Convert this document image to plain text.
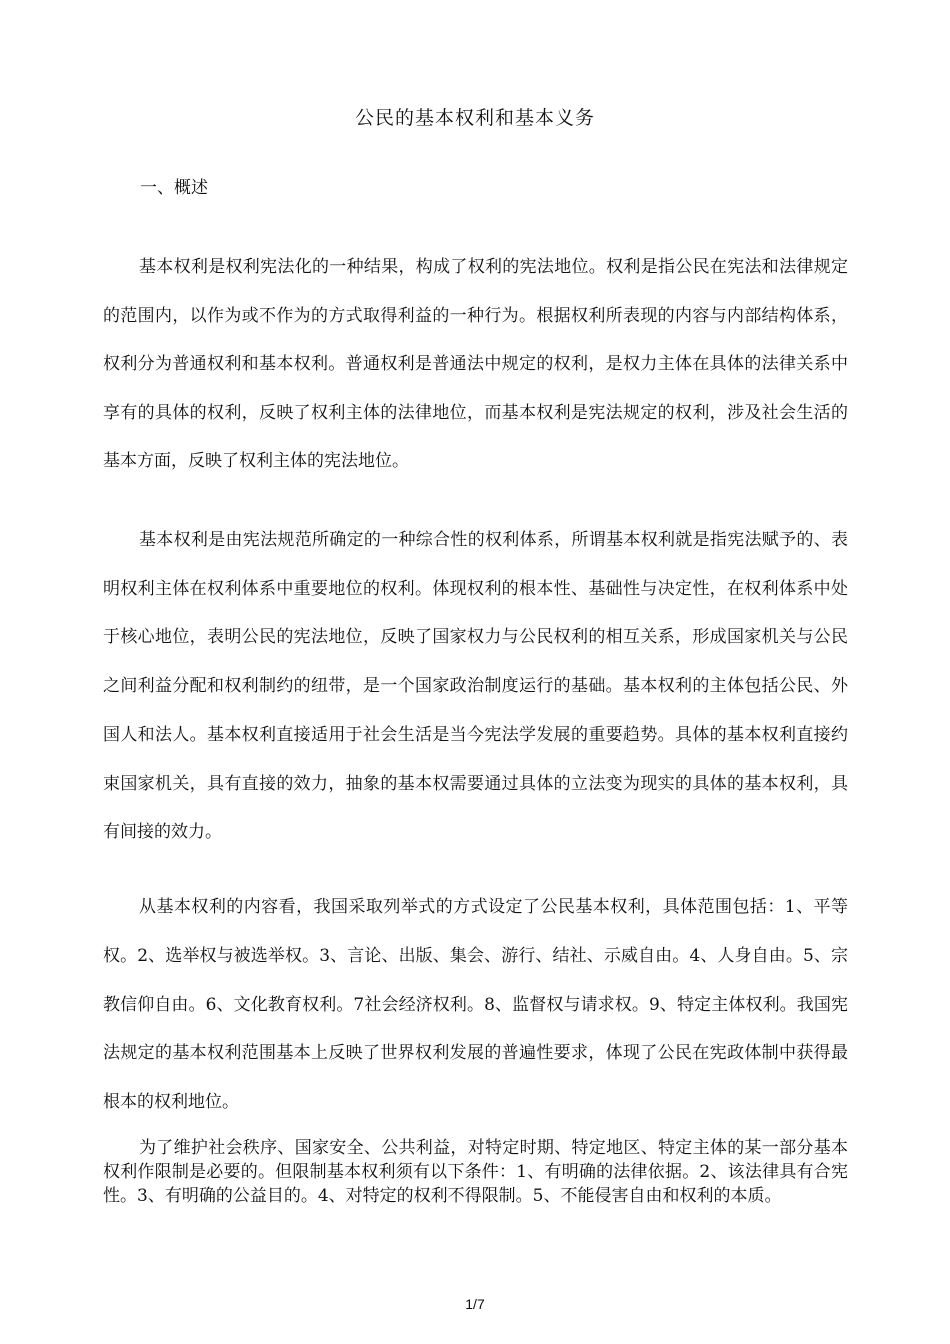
公民的基本权利和基本义务
一、概述

基本权利是权利宪法化的一种结果，构成了权利的宪法地位。权利是指公民在宪法和法律规定的范围内，以作为或不作为的方式取得利益的一种行为。根据权利所表现的内容与内部结构体系，权利分为普通权利和基本权利。普通权利是普通法中规定的权利，是权力主体在具体的法律关系中享有的具体的权利，反映了权利主体的法律地位，而基本权利是宪法规定的权利，涉及社会生活的基本方面，反映了权利主体的宪法地位。

基本权利是由宪法规范所确定的一种综合性的权利体系，所谓基本权利就是指宪法赋予的、表明权利主体在权利体系中重要地位的权利。体现权利的根本性、基础性与决定性，在权利体系中处于核心地位，表明公民的宪法地位，反映了国家权力与公民权利的相互关系，形成国家机关与公民之间利益分配和权利制约的纽带，是一个国家政治制度运行的基础。基本权利的主体包括公民、外国人和法人。基本权利直接适用于社会生活是当今宪法学发展的重要趋势。具体的基本权利直接约束国家机关，具有直接的效力，抽象的基本权需要通过具体的立法变为现实的具体的基本权利，具有间接的效力。

从基本权利的内容看，我国采取列举式的方式设定了公民基本权利，具体范围包括：1、平等权。2、选举权与被选举权。3、言论、出版、集会、游行、结社、示威自由。4、人身自由。5、宗教信仰自由。6、文化教育权利。7社会经济权利。8、监督权与请求权。9、特定主体权利。我国宪法规定的基本权利范围基本上反映了世界权利发展的普遍性要求，体现了公民在宪政体制中获得最根本的权利地位。

为了维护社会秩序、国家安全、公共利益，对特定时期、特定地区、特定主体的某一部分基本权利作限制是必要的。但限制基本权利须有以下条件：1、有明确的法律依据。2、该法律具有合宪性。3、有明确的公益目的。4、对特定的权利不得限制。5、不能侵害自由和权利的本质。

1/7
